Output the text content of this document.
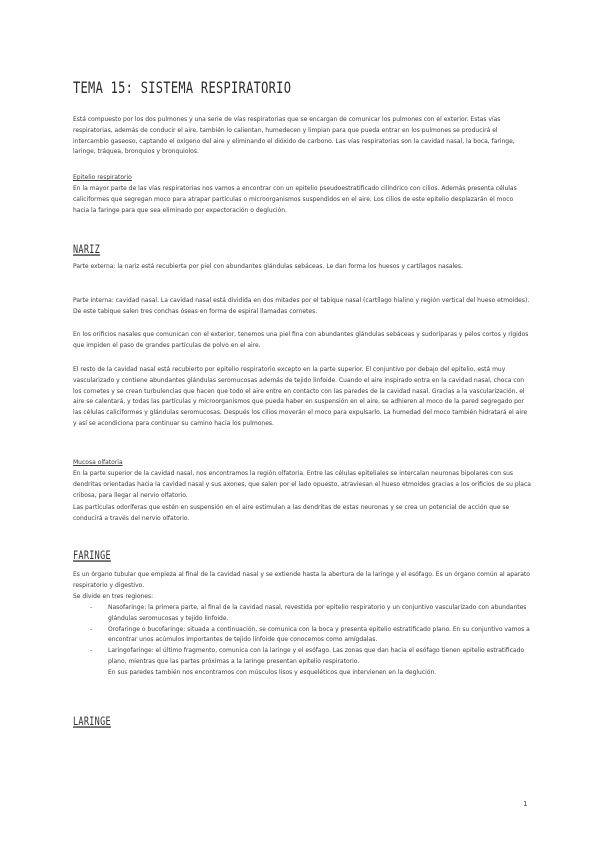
TEMA 15: SISTEMA RESPIRATORIO

Está compuesto por los dos pulmones y una serie de vías respiratorias que se encargan de comunicar los pulmones con el exterior. Estas vías respiratorias, además de conducir el aire, también lo calientan, humedecen y limpian para que pueda entrar en los pulmones se producirá el intercambio gaseoso, captando el oxígeno del aire y eliminando el dióxido de carbono. Las vías respiratorias son la cavidad nasal, la boca, faringe, laringe, tráquea, bronquios y bronquiolos.

Epitelio respiratorio

En la mayor parte de las vías respiratorias nos vamos a encontrar con un epitelio pseudoestratificado cilíndrico con cilios. Además presenta células caliciformes que segregan moco para atrapar partículas o microorganismos suspendidos en el aire. Los cilios de este epitelio desplazarán el moco hacia la faringe para que sea eliminado por expectoración o deglución.

NARIZ

Parte externa: la nariz está recubierta por piel con abundantes glándulas sebáceas. Le dan forma los huesos y cartílagos nasales.

Parte interna: cavidad nasal. La cavidad nasal está dividida en dos mitades por el tabique nasal (cartílago hialino y región vertical del hueso etmoides). De este tabique salen tres conchas óseas en forma de espiral llamadas cornetes.

En los orificios nasales que comunican con el exterior, tenemos una piel fina con abundantes glándulas sebáceas y sudoríparas y pelos cortos y rígidos que impiden el paso de grandes partículas de polvo en el aire.

El resto de la cavidad nasal está recubierto por epitelio respiratorio excepto en la parte superior. El conjuntivo por debajo del epitelio, está muy vascularizado y contiene abundantes glándulas seromucosas además de tejido linfoide. Cuando el aire inspirado entra en la cavidad nasal, choca con los cornetes y se crean turbulencias que hacen que todo el aire entre en contacto con las paredes de la cavidad nasal. Gracias a la vascularización, el aire se calentará, y todas las partículas y microorganismos que pueda haber en suspensión en el aire, se adhieren al moco de la pared segregado por las células caliciformes y glándulas seromucosas. Después los cilios moverán el moco para expulsarlo. La humedad del moco también hidratará el aire y así se acondiciona para continuar su camino hacia los pulmones.

Mucosa olfatoria

En la parte superior de la cavidad nasal, nos encontramos la región olfatoria. Entre las células epiteliales se intercalan neuronas bipolares con sus dendritas orientadas hacia la cavidad nasal y sus axones, que salen por el lado opuesto, atraviesan el hueso etmoides gracias a los orificios de su placa cribosa, para llegar al nervio olfatorio.

Las partículas odoríferas que estén en suspensión en el aire estimulan a las dendritas de estas neuronas y se crea un potencial de acción que se conducirá a través del nervio olfatorio.

FARINGE

Es un órgano tubular que empieza al final de la cavidad nasal y se extiende hasta la abertura de la laringe y el esófago. Es un órgano común al aparato respiratorio y digestivo.

Se divide en tres regiones:

-	Nasofaringe: la primera parte, al final de la cavidad nasal, revestida por epitelio respiratorio y un conjuntivo vascularizado con abundantes glándulas seromucosas y tejido linfoide.
-	Orofaringe o bucofaringe: situada a continuación, se comunica con la boca y presenta epitelio estratificado plano. En su conjuntivo vamos a encontrar unos acúmulos importantes de tejido linfoide que conocemos como amígdalas.
-	Laringofaringe: el último fragmento, comunica con la laringe y el esófago. Las zonas que dan hacia el esófago tienen epitelio estratificado plano, mientras que las partes próximas a la laringe presentan epitelio respiratorio.

En sus paredes también nos encontramos con músculos lisos y esqueléticos que intervienen en la deglución.

LARINGE
1
